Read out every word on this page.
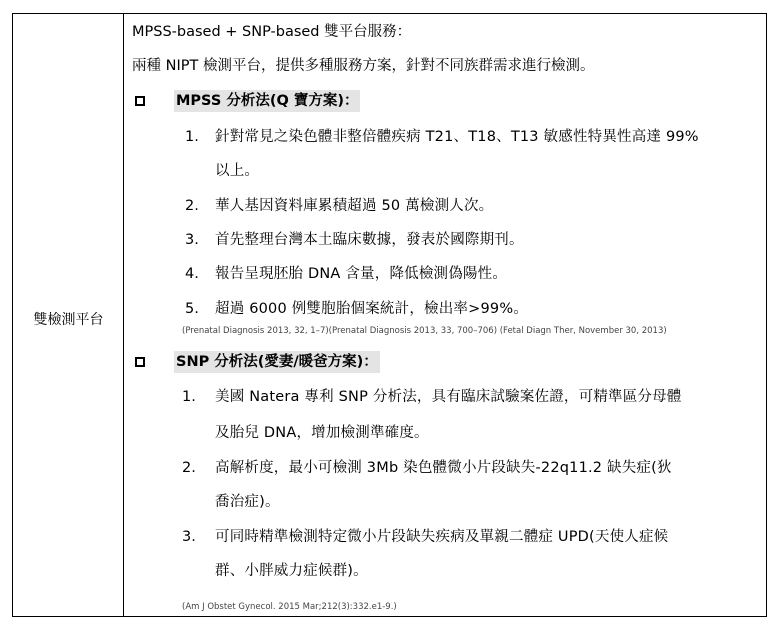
雙檢測平台
MPSS-based + SNP-based 雙平台服務：
兩種 NIPT 檢測平台，提供多種服務方案，針對不同族群需求進行檢測。
MPSS 分析法(Q 寶方案)：
1. 針對常見之染色體非整倍體疾病 T21、T18、T13 敏感性特異性高達 99%
以上。
2. 華人基因資料庫累積超過 50 萬檢測人次。
3. 首先整理台灣本土臨床數據，發表於國際期刊。
4. 報告呈現胚胎 DNA 含量，降低檢測偽陽性。
5. 超過 6000 例雙胞胎個案統計，檢出率>99%。
(Prenatal Diagnosis 2013, 32, 1–7)(Prenatal Diagnosis 2013, 33, 700–706) (Fetal Diagn Ther, November 30, 2013)
SNP 分析法(愛妻/暖爸方案)：
1. 美國 Natera 專利 SNP 分析法，具有臨床試驗案佐證，可精準區分母體
及胎兒 DNA，增加檢測準確度。
2. 高解析度，最小可檢測 3Mb 染色體微小片段缺失-22q11.2 缺失症(狄
喬治症)。
3. 可同時精準檢測特定微小片段缺失疾病及單親二體症 UPD(天使人症候
群、小胖威力症候群)。
(Am J Obstet Gynecol. 2015 Mar;212(3):332.e1-9.)
